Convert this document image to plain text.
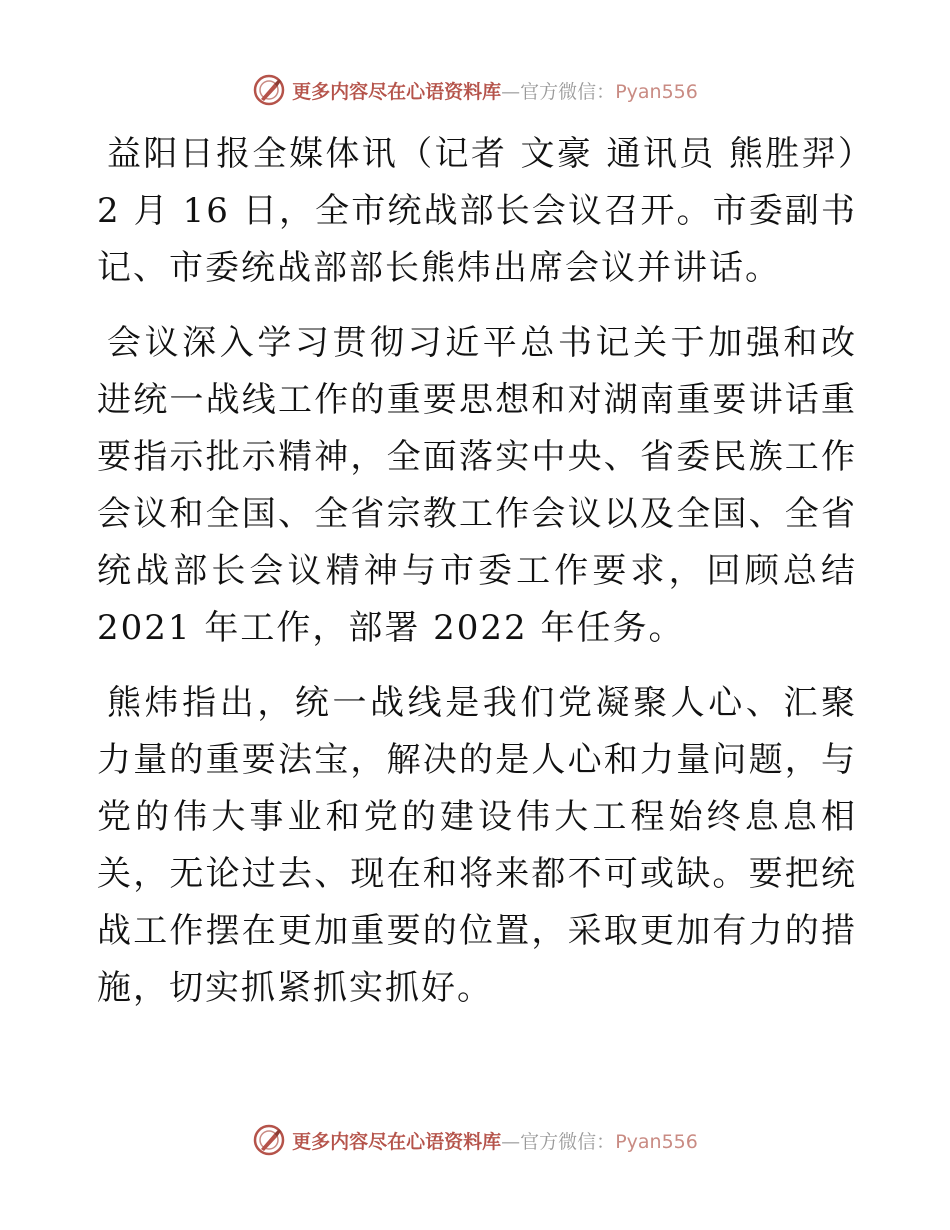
更多内容尽在心语资料库—官方微信：Pyan556

益阳日报全媒体讯（记者 文豪 通讯员 熊胜羿）2 月 16 日，全市统战部长会议召开。市委副书记、市委统战部部长熊炜出席会议并讲话。

会议深入学习贯彻习近平总书记关于加强和改进统一战线工作的重要思想和对湖南重要讲话重要指示批示精神，全面落实中央、省委民族工作会议和全国、全省宗教工作会议以及全国、全省统战部长会议精神与市委工作要求，回顾总结 2021 年工作，部署 2022 年任务。

熊炜指出，统一战线是我们党凝聚人心、汇聚力量的重要法宝，解决的是人心和力量问题，与党的伟大事业和党的建设伟大工程始终息息相关，无论过去、现在和将来都不可或缺。要把统战工作摆在更加重要的位置，采取更加有力的措施，切实抓紧抓实抓好。

更多内容尽在心语资料库—官方微信：Pyan556
